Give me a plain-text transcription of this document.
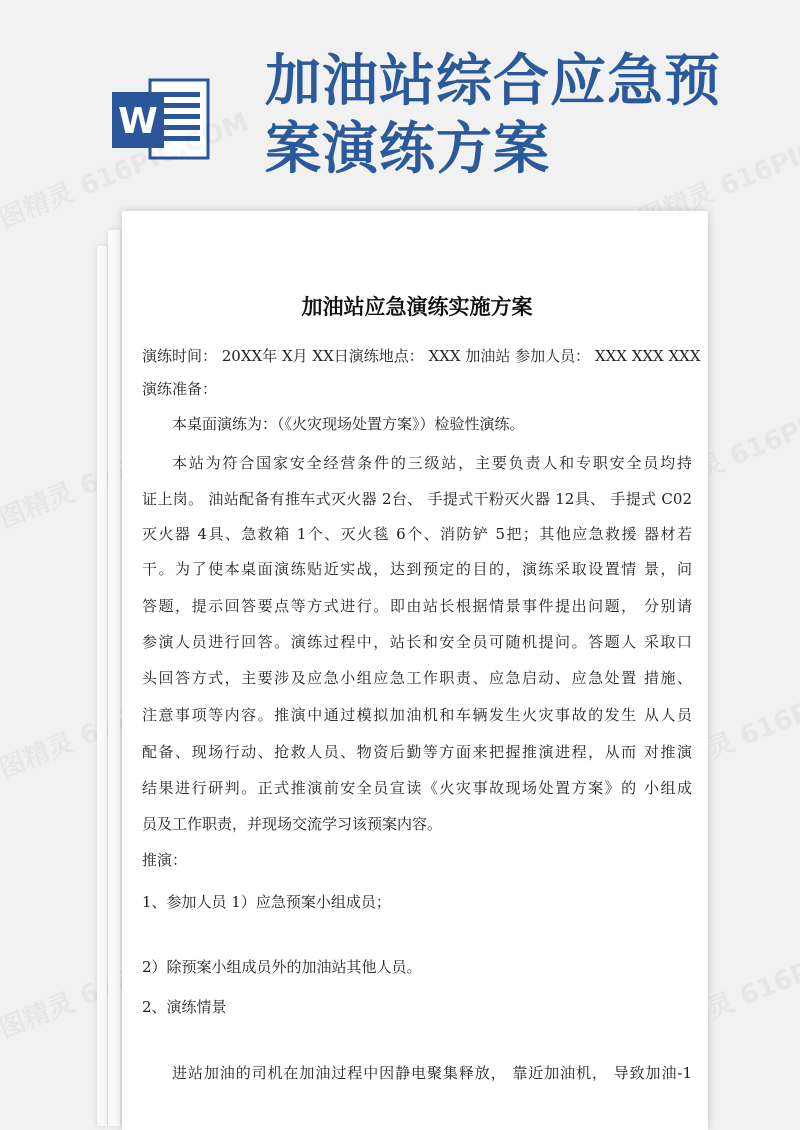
W
加油站综合应急预
案演练方案
加油站应急演练实施方案
演练时间： 20XX年 X月 XX日演练地点： XXX 加油站 参加人员： XXX XXX XXX
演练准备：
本桌面演练为：（《火灾现场处置方案》）检验性演练。
本站为符合国家安全经营条件的三级站，主要负责人和专职安全员均持
证上岗。 油站配备有推车式灭火器 2台、 手提式干粉灭火器 12具、 手提式 C02
灭火器 4具、急救箱 1个、灭火毯 6个、消防铲 5把；其他应急救援 器材若
干。为了使本桌面演练贴近实战，达到预定的目的，演练采取设置情 景，问
答题，提示回答要点等方式进行。即由站长根据情景事件提出问题， 分别请
参演人员进行回答。演练过程中，站长和安全员可随机提问。答题人 采取口
头回答方式，主要涉及应急小组应急工作职责、应急启动、应急处置 措施、
注意事项等内容。推演中通过模拟加油机和车辆发生火灾事故的发生 从人员
配备、现场行动、抢救人员、物资后勤等方面来把握推演进程，从而 对推演
结果进行研判。正式推演前安全员宣读《火灾事故现场处置方案》的 小组成
员及工作职责，并现场交流学习该预案内容。
推演：
1、参加人员 1）应急预案小组成员；
2）除预案小组成员外的加油站其他人员。
2、演练情景
进站加油的司机在加油过程中因静电聚集释放， 靠近加油机， 导致加油-1
